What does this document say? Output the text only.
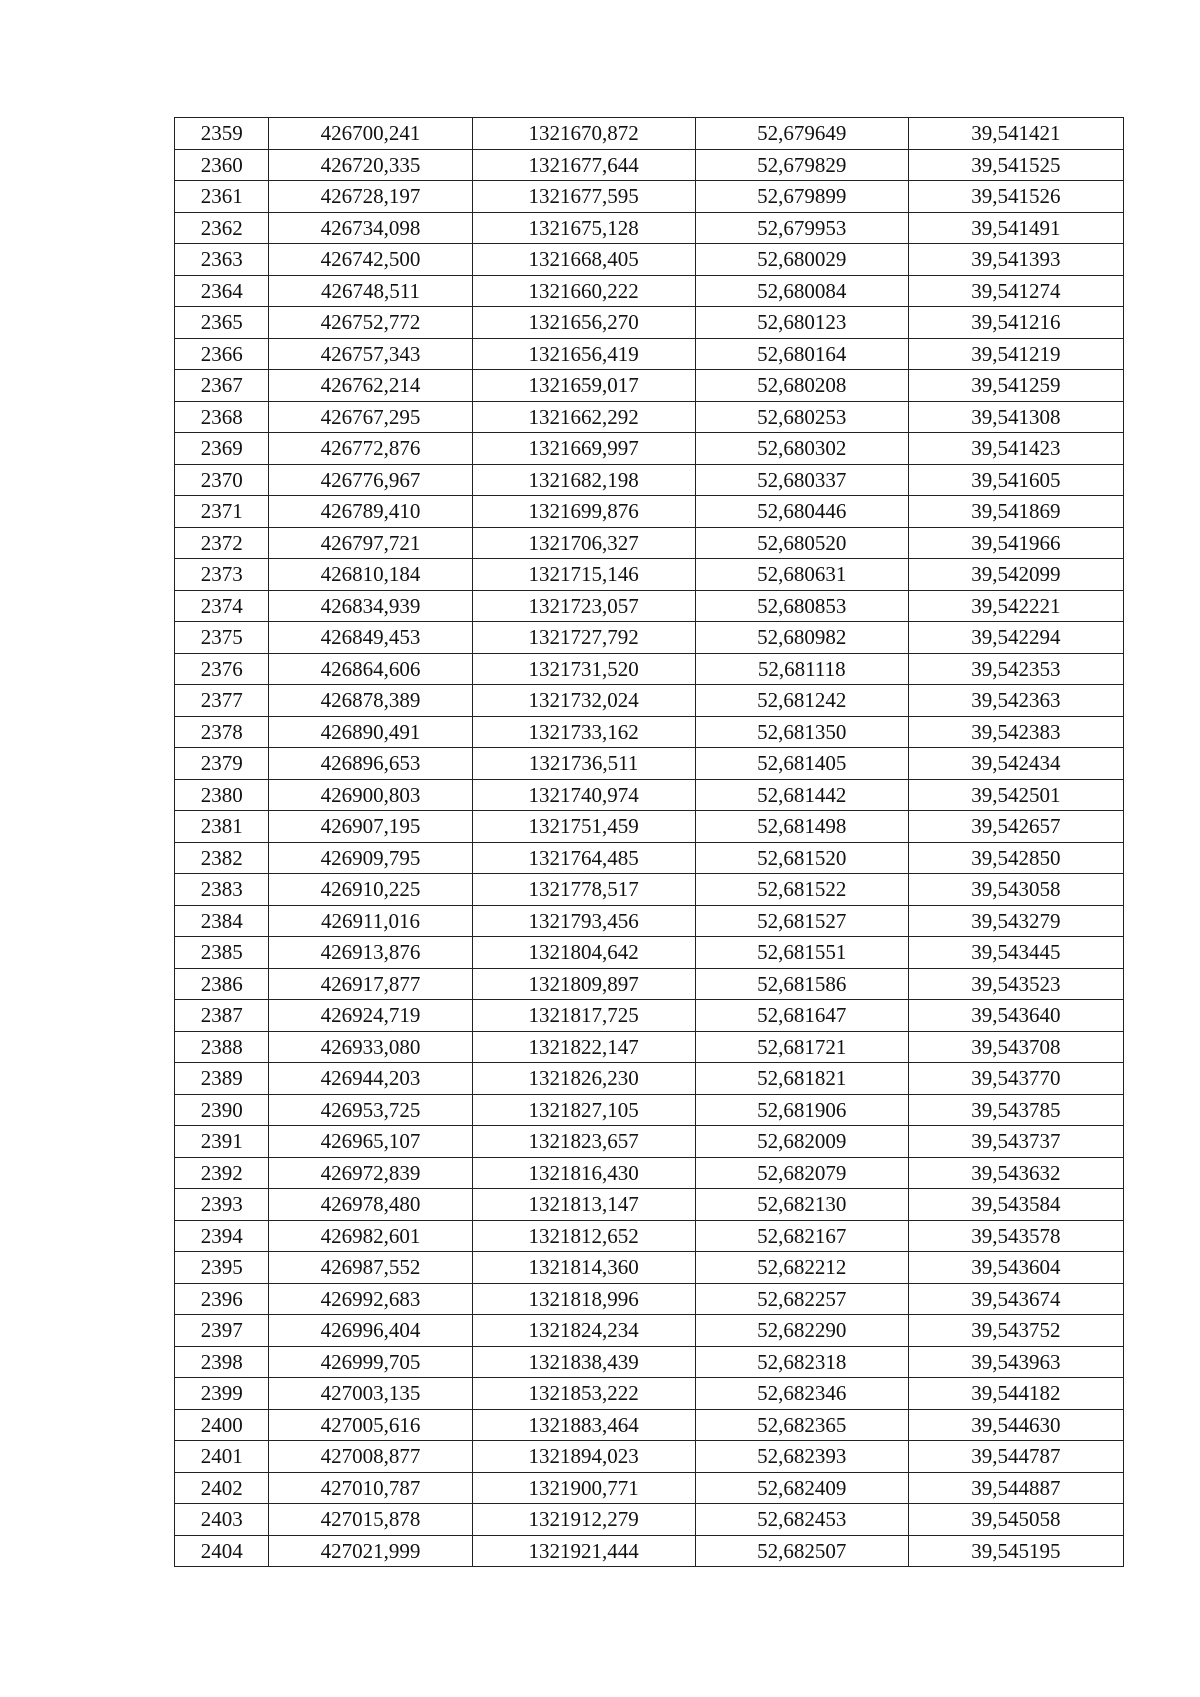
2359	426700,241	1321670,872	52,679649	39,541421
2360	426720,335	1321677,644	52,679829	39,541525
2361	426728,197	1321677,595	52,679899	39,541526
2362	426734,098	1321675,128	52,679953	39,541491
2363	426742,500	1321668,405	52,680029	39,541393
2364	426748,511	1321660,222	52,680084	39,541274
2365	426752,772	1321656,270	52,680123	39,541216
2366	426757,343	1321656,419	52,680164	39,541219
2367	426762,214	1321659,017	52,680208	39,541259
2368	426767,295	1321662,292	52,680253	39,541308
2369	426772,876	1321669,997	52,680302	39,541423
2370	426776,967	1321682,198	52,680337	39,541605
2371	426789,410	1321699,876	52,680446	39,541869
2372	426797,721	1321706,327	52,680520	39,541966
2373	426810,184	1321715,146	52,680631	39,542099
2374	426834,939	1321723,057	52,680853	39,542221
2375	426849,453	1321727,792	52,680982	39,542294
2376	426864,606	1321731,520	52,681118	39,542353
2377	426878,389	1321732,024	52,681242	39,542363
2378	426890,491	1321733,162	52,681350	39,542383
2379	426896,653	1321736,511	52,681405	39,542434
2380	426900,803	1321740,974	52,681442	39,542501
2381	426907,195	1321751,459	52,681498	39,542657
2382	426909,795	1321764,485	52,681520	39,542850
2383	426910,225	1321778,517	52,681522	39,543058
2384	426911,016	1321793,456	52,681527	39,543279
2385	426913,876	1321804,642	52,681551	39,543445
2386	426917,877	1321809,897	52,681586	39,543523
2387	426924,719	1321817,725	52,681647	39,543640
2388	426933,080	1321822,147	52,681721	39,543708
2389	426944,203	1321826,230	52,681821	39,543770
2390	426953,725	1321827,105	52,681906	39,543785
2391	426965,107	1321823,657	52,682009	39,543737
2392	426972,839	1321816,430	52,682079	39,543632
2393	426978,480	1321813,147	52,682130	39,543584
2394	426982,601	1321812,652	52,682167	39,543578
2395	426987,552	1321814,360	52,682212	39,543604
2396	426992,683	1321818,996	52,682257	39,543674
2397	426996,404	1321824,234	52,682290	39,543752
2398	426999,705	1321838,439	52,682318	39,543963
2399	427003,135	1321853,222	52,682346	39,544182
2400	427005,616	1321883,464	52,682365	39,544630
2401	427008,877	1321894,023	52,682393	39,544787
2402	427010,787	1321900,771	52,682409	39,544887
2403	427015,878	1321912,279	52,682453	39,545058
2404	427021,999	1321921,444	52,682507	39,545195
